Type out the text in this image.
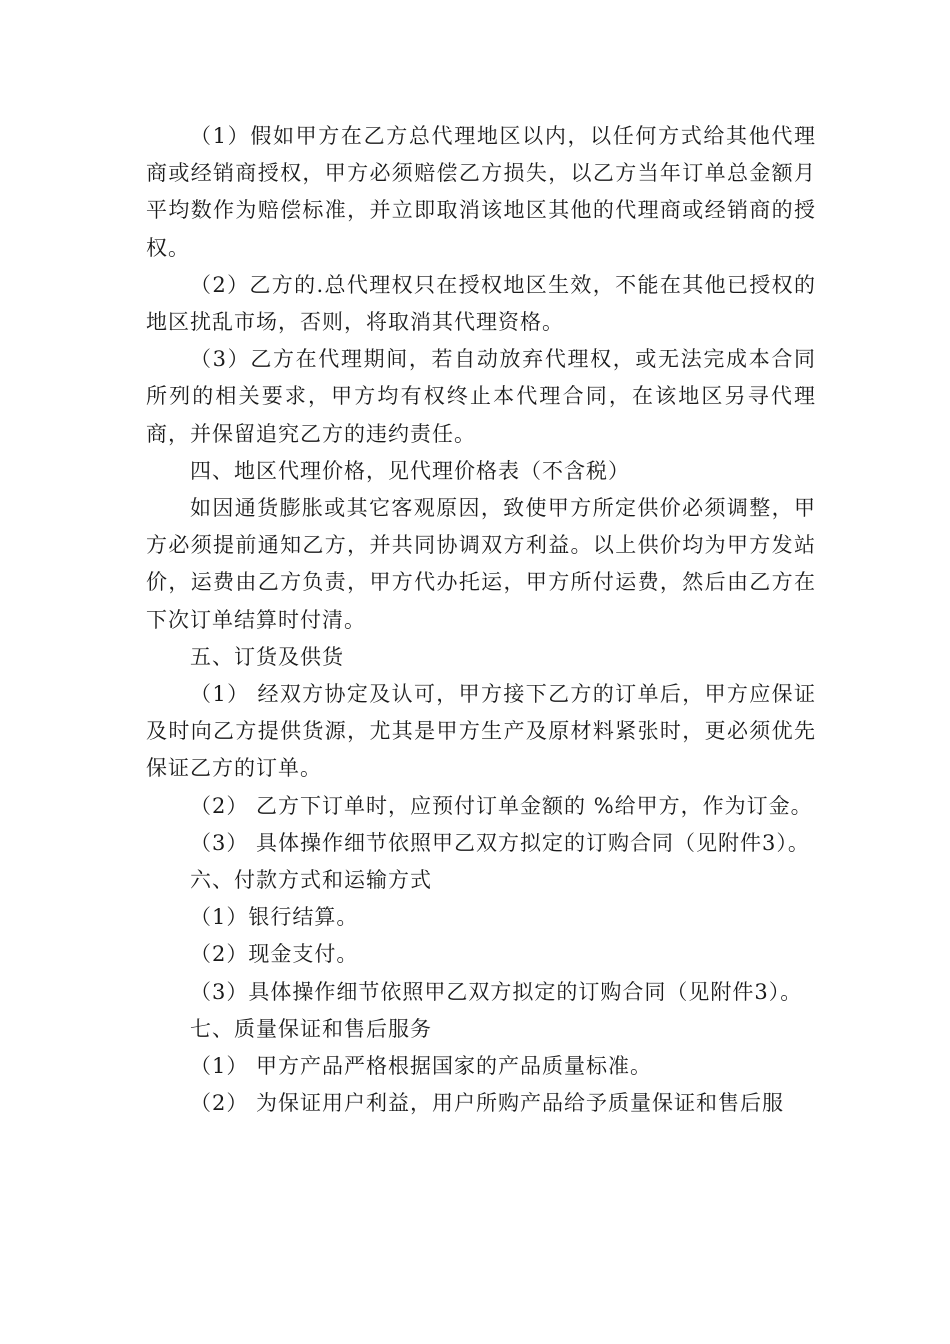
（1）假如甲方在乙方总代理地区以内，以任何方式给其他代理商或经销商授权，甲方必须赔偿乙方损失，以乙方当年订单总金额月平均数作为赔偿标准，并立即取消该地区其他的代理商或经销商的授权。

（2）乙方的.总代理权只在授权地区生效，不能在其他已授权的地区扰乱市场，否则，将取消其代理资格。

（3）乙方在代理期间，若自动放弃代理权，或无法完成本合同所列的相关要求，甲方均有权终止本代理合同，在该地区另寻代理商，并保留追究乙方的违约责任。

四、地区代理价格，见代理价格表（不含税）

如因通货膨胀或其它客观原因，致使甲方所定供价必须调整，甲方必须提前通知乙方，并共同协调双方利益。以上供价均为甲方发站价，运费由乙方负责，甲方代办托运，甲方所付运费，然后由乙方在下次订单结算时付清。

五、订货及供货

（1） 经双方协定及认可，甲方接下乙方的订单后，甲方应保证及时向乙方提供货源，尤其是甲方生产及原材料紧张时，更必须优先保证乙方的订单。

（2） 乙方下订单时，应预付订单金额的 %给甲方，作为订金。

（3） 具体操作细节依照甲乙双方拟定的订购合同（见附件3）。

六、付款方式和运输方式

（1）银行结算。

（2）现金支付。

（3）具体操作细节依照甲乙双方拟定的订购合同（见附件3）。

七、质量保证和售后服务

（1） 甲方产品严格根据国家的产品质量标准。

（2） 为保证用户利益，用户所购产品给予质量保证和售后服
